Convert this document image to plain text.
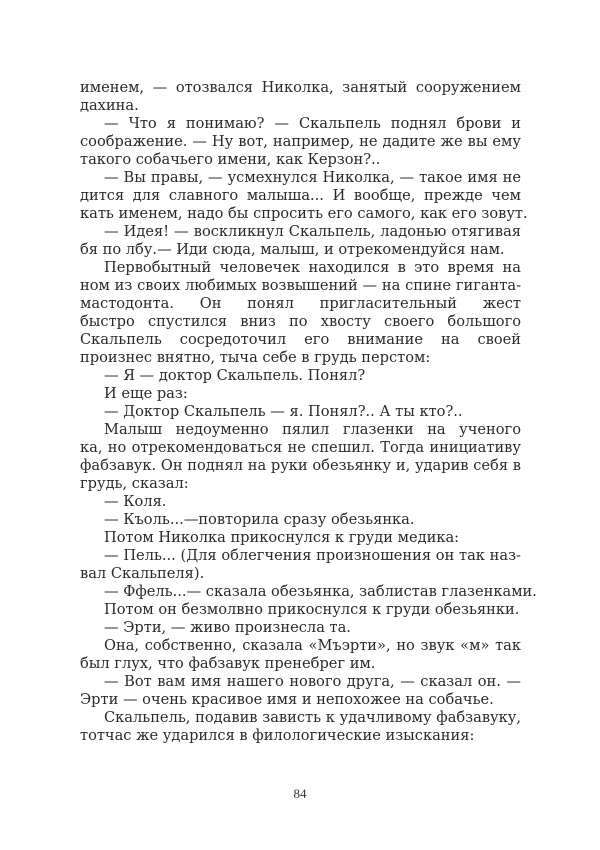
именем, — отозвался Николка, занятый сооружением
дахина.
— Что я понимаю? — Скальпель поднял брови и
соображение. — Ну вот, например, не дадите же вы ему
такого собачьего имени, как Керзон?..
— Вы правы, — усмехнулся Николка, — такое имя не
дится для славного малыша... И вообще, прежде чем
кать именем, надо бы спросить его самого, как его зовут.
— Идея! — воскликнул Скальпель, ладонью отягивая
бя по лбу.— Иди сюда, малыш, и отрекомендуйся нам.
Первобытный человечек находился в это время на
ном из своих любимых возвышений — на спине гиганта-
мастодонта. Он понял пригласительный жест
быстро спустился вниз по хвосту своего большого
Скальпель сосредоточил его внимание на своей
произнес внятно, тыча себе в грудь перстом:
— Я — доктор Скальпель. Понял?
И еще раз:
— Доктор Скальпель — я. Понял?.. А ты кто?..
Малыш недоуменно пялил глазенки на ученого
ка, но отрекомендоваться не спешил. Тогда инициативу
фабзавук. Он поднял на руки обезьянку и, ударив себя в
грудь, сказал:
— Коля.
— Къоль...—повторила сразу обезьянка.
Потом Николка прикоснулся к груди медика:
— Пель... (Для облегчения произношения он так наз-
вал Скальпеля).
— Ффель...— сказала обезьянка, заблистав глазенками.
Потом он безмолвно прикоснулся к груди обезьянки.
— Эрти, — живо произнесла та.
Она, собственно, сказала «Мъэрти», но звук «м» так
был глух, что фабзавук пренебрег им.
— Вот вам имя нашего нового друга, — сказал он. —
Эрти — очень красивое имя и непохожее на собачье.
Скальпель, подавив зависть к удачливому фабзавуку,
тотчас же ударился в филологические изыскания:
84
